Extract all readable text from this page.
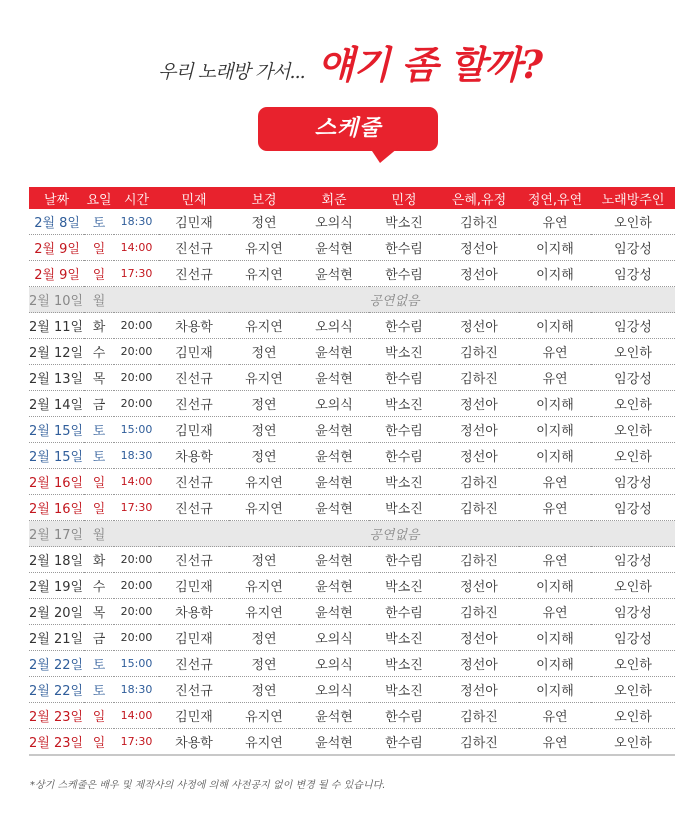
우리 노래방 가서... 얘기 좀 할까?
스케줄
날짜	요일	시간	민재	보경	회준	민정	은혜,유정	정연,유연	노래방주인
2월 8일	토	18:30	김민재	정연	오의식	박소진	김하진	유연	오인하
2월 9일	일	14:00	진선규	유지연	윤석현	한수림	정선아	이지해	임강성
2월 9일	일	17:30	진선규	유지연	윤석현	한수림	정선아	이지해	임강성
2월 10일	월	공연없음							
2월 11일	화	20:00	차용학	유지연	오의식	한수림	정선아	이지해	임강성
2월 12일	수	20:00	김민재	정연	윤석현	박소진	김하진	유연	오인하
2월 13일	목	20:00	진선규	유지연	윤석현	한수림	김하진	유연	임강성
2월 14일	금	20:00	진선규	정연	오의식	박소진	정선아	이지해	오인하
2월 15일	토	15:00	김민재	정연	윤석현	한수림	정선아	이지해	오인하
2월 15일	토	18:30	차용학	정연	윤석현	한수림	정선아	이지해	오인하
2월 16일	일	14:00	진선규	유지연	윤석현	박소진	김하진	유연	임강성
2월 16일	일	17:30	진선규	유지연	윤석현	박소진	김하진	유연	임강성
2월 17일	월	공연없음							
2월 18일	화	20:00	진선규	정연	윤석현	한수림	김하진	유연	임강성
2월 19일	수	20:00	김민재	유지연	윤석현	박소진	정선아	이지해	오인하
2월 20일	목	20:00	차용학	유지연	윤석현	한수림	김하진	유연	임강성
2월 21일	금	20:00	김민재	정연	오의식	박소진	정선아	이지해	임강성
2월 22일	토	15:00	진선규	정연	오의식	박소진	정선아	이지해	오인하
2월 22일	토	18:30	진선규	정연	오의식	박소진	정선아	이지해	오인하
2월 23일	일	14:00	김민재	유지연	윤석현	한수림	김하진	유연	오인하
2월 23일	일	17:30	차용학	유지연	윤석현	한수림	김하진	유연	오인하
*상기 스케줄은 배우 및 제작사의 사정에 의해 사전공지 없이 변경 될 수 있습니다.
